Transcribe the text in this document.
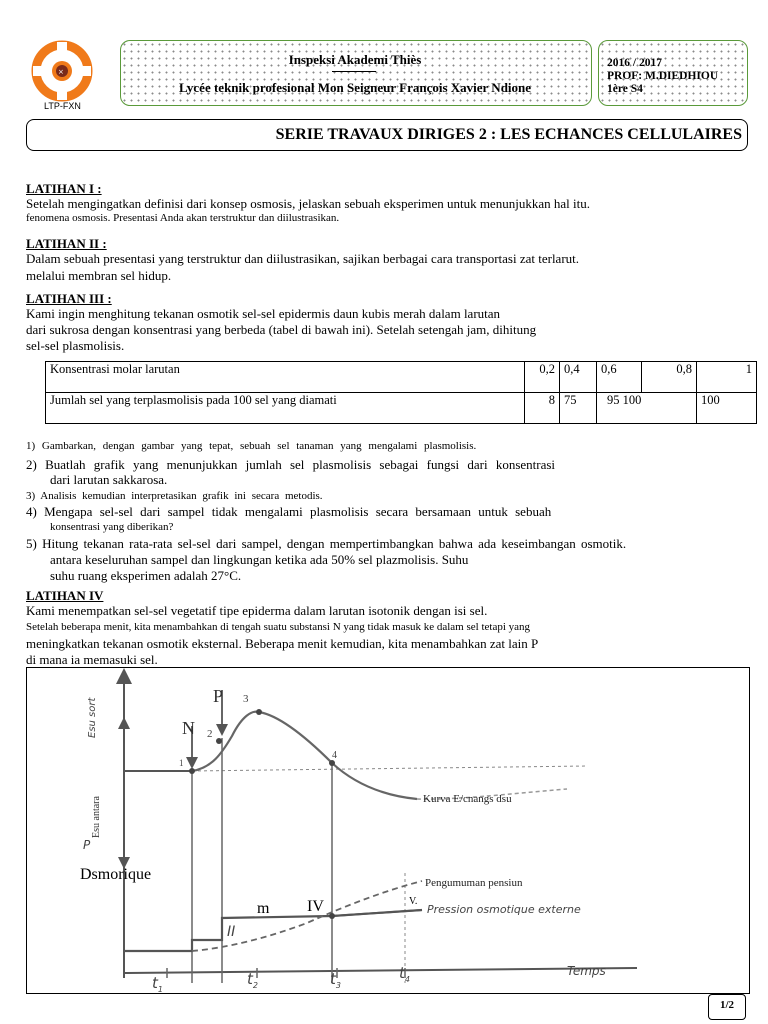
×
LTP-FXN
Inspeksi Akademi Thiès
Lycée teknik profesional Mon Seigneur François Xavier Ndione
2016 / 2017
PROF: M.DIEDHIOU
1ère S4
SERIE TRAVAUX DIRIGES 2 : LES ECHANCES CELLULAIRES
LATIHAN I :
Setelah mengingatkan definisi dari konsep osmosis, jelaskan sebuah eksperimen untuk menunjukkan hal itu.
fenomena osmosis. Presentasi Anda akan terstruktur dan diilustrasikan.
LATIHAN II :
Dalam sebuah presentasi yang terstruktur dan diilustrasikan, sajikan berbagai cara transportasi zat terlarut.
melalui membran sel hidup.
LATIHAN III :
Kami ingin menghitung tekanan osmotik sel-sel epidermis daun kubis merah dalam larutan
dari sukrosa dengan konsentrasi yang berbeda (tabel di bawah ini). Setelah setengah jam, dihitung
sel-sel plasmolisis.
Konsentrasi molar larutan	0,2	0,4	0,6	0,8	1
Jumlah sel yang terplasmolisis pada 100 sel yang diamati	8	75	95 100		100
1) Gambarkan, dengan gambar yang tepat, sebuah sel tanaman yang mengalami plasmolisis.
2) Buatlah grafik yang menunjukkan jumlah sel plasmolisis sebagai fungsi dari konsentrasi
dari larutan sakkarosa.
3) Analisis kemudian interpretasikan grafik ini secara metodis.
4) Mengapa sel-sel dari sampel tidak mengalami plasmolisis secara bersamaan untuk sebuah
konsentrasi yang diberikan?
5) Hitung tekanan rata-rata sel-sel dari sampel, dengan mempertimbangkan bahwa ada keseimbangan osmotik.
antara keseluruhan sampel dan lingkungan ketika ada 50% sel plazmolisis. Suhu
suhu ruang eksperimen adalah 27°C.
LATIHAN IV
Kami menempatkan sel-sel vegetatif tipe epiderma dalam larutan isotonik dengan isi sel.
Setelah beberapa menit, kita menambahkan di tengah suatu substansi N yang tidak masuk ke dalam sel tetapi yang
meningkatkan tekanan osmotik eksternal. Beberapa menit kemudian, kita menambahkan zat lain P
di mana ia memasuki sel.
P
N
1
2
3
4
Esu sort
Esu antara
P
Dsmorique
Kurva E/cnangs dsu
Pengumuman pensiun
Pression osmotique externe
m IV	V.
II
Temps
$t_1$
$t_2$	$t_3$
$t_4$
1/2
